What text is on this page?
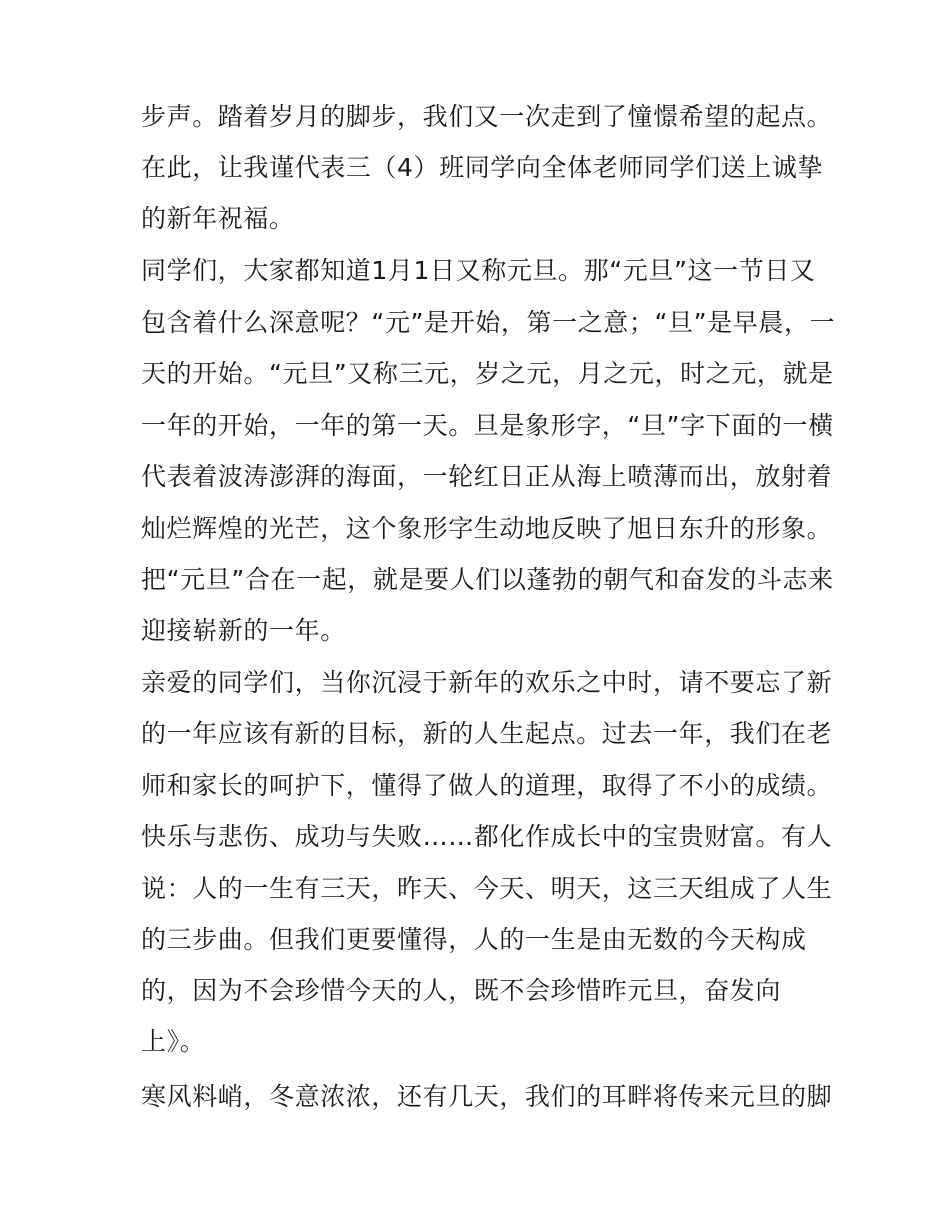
步声。踏着岁月的脚步，我们又一次走到了憧憬希望的起点。
在此，让我谨代表三（4）班同学向全体老师同学们送上诚挚
的新年祝福。
同学们，大家都知道1月1日又称元旦。那“元旦”这一节日又
包含着什么深意呢？“元”是开始，第一之意；“旦”是早晨，一
天的开始。“元旦”又称三元，岁之元，月之元，时之元，就是
一年的开始，一年的第一天。旦是象形字，“旦”字下面的一横
代表着波涛澎湃的海面，一轮红日正从海上喷薄而出，放射着
灿烂辉煌的光芒，这个象形字生动地反映了旭日东升的形象。
把“元旦”合在一起，就是要人们以蓬勃的朝气和奋发的斗志来
迎接崭新的一年。
亲爱的同学们，当你沉浸于新年的欢乐之中时，请不要忘了新
的一年应该有新的目标，新的人生起点。过去一年，我们在老
师和家长的呵护下，懂得了做人的道理，取得了不小的成绩。
快乐与悲伤、成功与失败……都化作成长中的宝贵财富。有人
说：人的一生有三天，昨天、今天、明天，这三天组成了人生
的三步曲。但我们更要懂得，人的一生是由无数的今天构成
的，因为不会珍惜今天的人，既不会珍惜昨元旦，奋发向
上》。
寒风料峭，冬意浓浓，还有几天，我们的耳畔将传来元旦的脚
